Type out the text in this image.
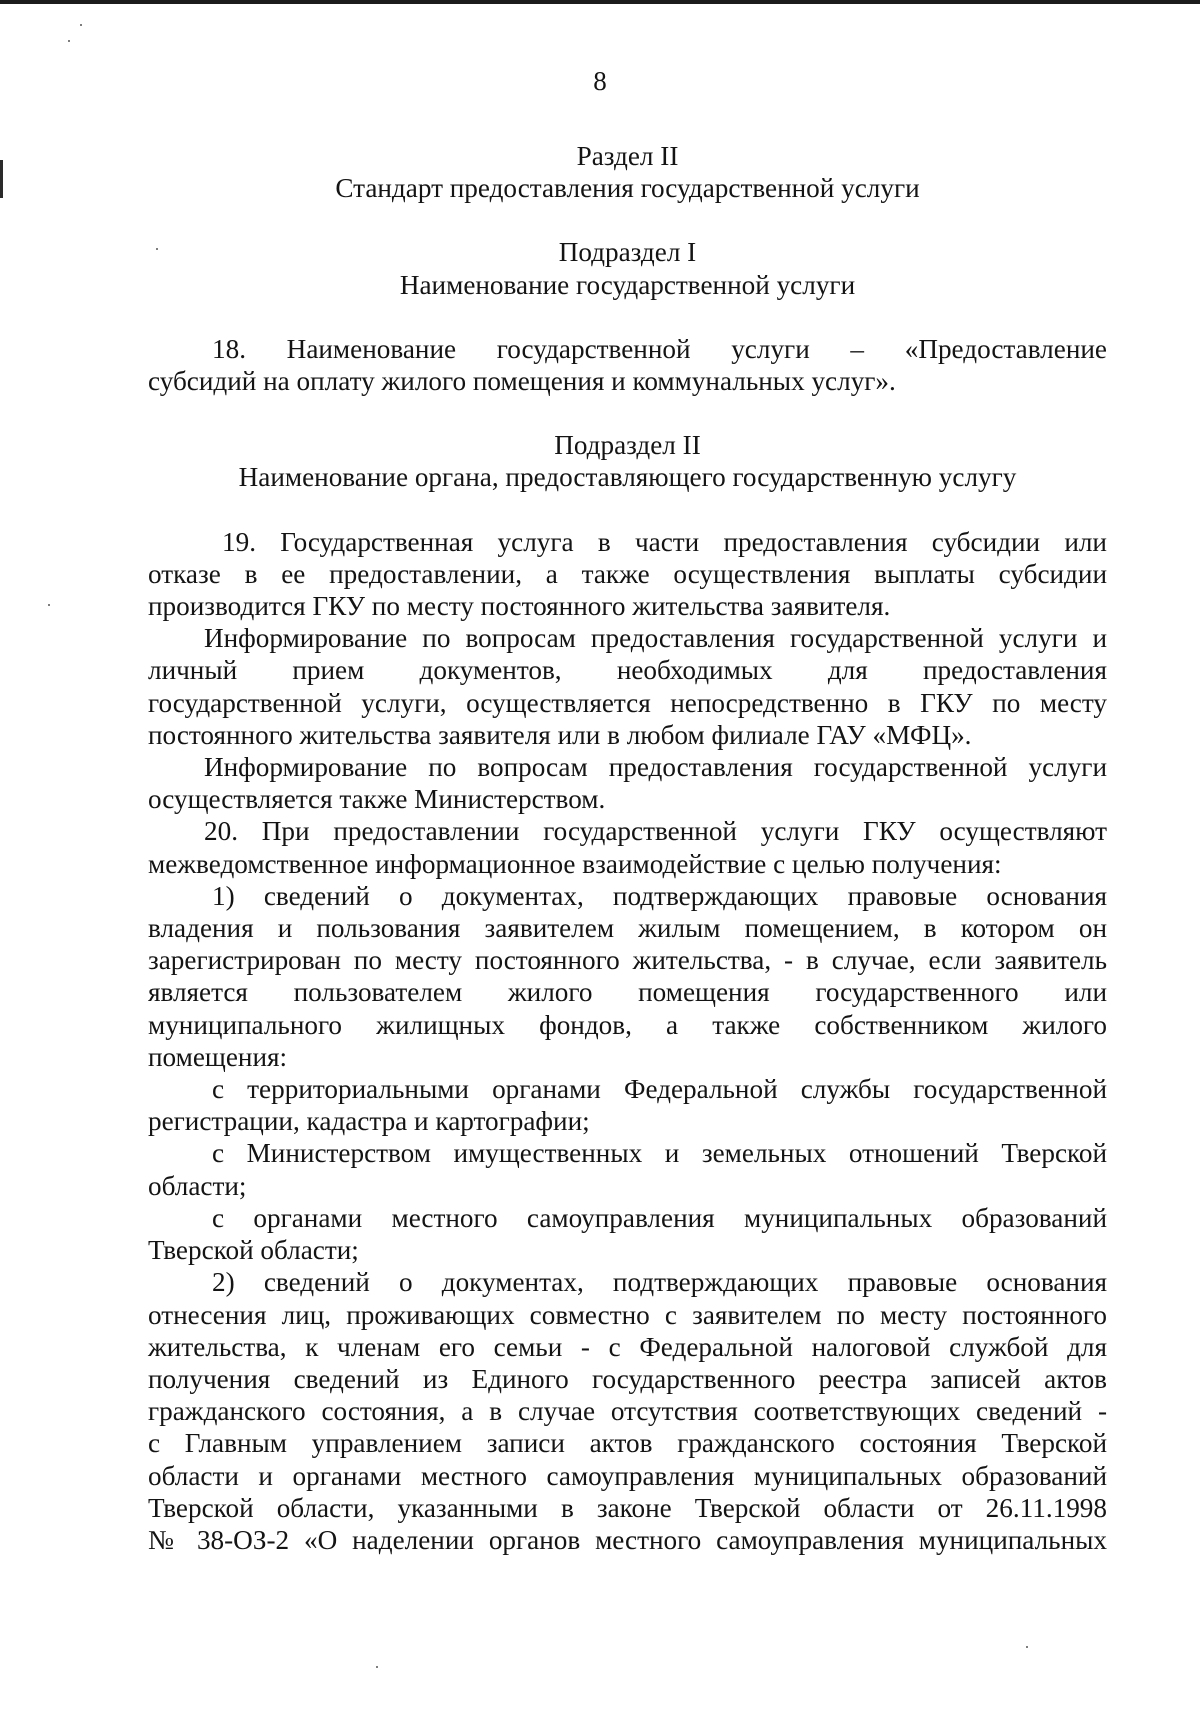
8
Раздел II
Стандарт предоставления государственной услуги
Подраздел I
Наименование государственной услуги
18. Наименование государственной услуги – «Предоставление
субсидий на оплату жилого помещения и коммунальных услуг».
Подраздел II
Наименование органа, предоставляющего государственную услугу
19. Государственная услуга в части предоставления субсидии или
отказе в ее предоставлении, а также осуществления выплаты субсидии
производится ГКУ по месту постоянного жительства заявителя.
Информирование по вопросам предоставления государственной услуги и
личный прием документов, необходимых для предоставления
государственной услуги, осуществляется непосредственно в ГКУ по месту
постоянного жительства заявителя или в любом филиале ГАУ «МФЦ».
Информирование по вопросам предоставления государственной услуги
осуществляется также Министерством.
20. При предоставлении государственной услуги ГКУ осуществляют
межведомственное информационное взаимодействие с целью получения:
1) сведений о документах, подтверждающих правовые основания
владения и пользования заявителем жилым помещением, в котором он
зарегистрирован по месту постоянного жительства, - в случае, если заявитель
является пользователем жилого помещения государственного или
муниципального жилищных фондов, а также собственником жилого
помещения:
с территориальными органами Федеральной службы государственной
регистрации, кадастра и картографии;
с Министерством имущественных и земельных отношений Тверской
области;
с органами местного самоуправления муниципальных образований
Тверской области;
2) сведений о документах, подтверждающих правовые основания
отнесения лиц, проживающих совместно с заявителем по месту постоянного
жительства, к членам его семьи - с Федеральной налоговой службой для
получения сведений из Единого государственного реестра записей актов
гражданского состояния, а в случае отсутствия соответствующих сведений -
с Главным управлением записи актов гражданского состояния Тверской
области и органами местного самоуправления муниципальных образований
Тверской области, указанными в законе Тверской области от 26.11.1998
№ 38-ОЗ-2 «О наделении органов местного самоуправления муниципальных
